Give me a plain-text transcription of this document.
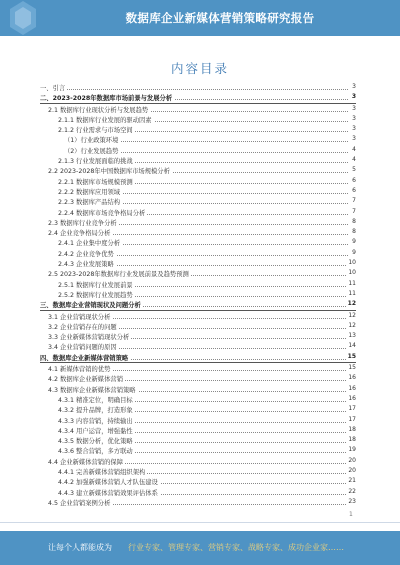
数据库企业新媒体营销策略研究报告
内容目录
一、引言	3
二、2023-2028年数据库市场前景与发展分析	3
2.1 数据库行业现状分析与发展趋势	3
2.1.1 数据库行业发展的驱动因素	3
2.1.2 行业需求与市场空间	3
（1）行业政策环境	3
（2）行业发展趋势	4
2.1.3 行业发展面临的挑战	4
2.2 2023-2028年中国数据库市场规模分析	5
2.2.1 数据库市场规模预测	6
2.2.2 数据库应用领域	6
2.2.3 数据库产品结构	7
2.2.4 数据库市场竞争格局分析	7
2.3 数据库行业竞争分析	8
2.4 企业竞争格局分析	8
2.4.1 企业集中度分析	9
2.4.2 企业竞争优势	9
2.4.3 企业发展策略	10
2.5 2023-2028年数据库行业发展前景及趋势预测	10
2.5.1 数据库行业发展前景	11
2.5.2 数据库行业发展趋势	11
三、数据库企业营销现状及问题分析	12
3.1 企业营销现状分析	12
3.2 企业营销存在的问题	12
3.3 企业新媒体营销现状分析	13
3.4 企业营销问题的原因	14
四、数据库企业新媒体营销策略	15
4.1 新媒体营销的优势	15
4.2 数据库企业新媒体营销	16
4.3 数据库企业新媒体营销策略	16
4.3.1 精准定位，明确目标	16
4.3.2 提升品牌，打造形象	17
4.3.3 内容营销，持续输出	17
4.3.4 用户运营，增强黏性	18
4.3.5 数据分析，优化策略	18
4.3.6 整合营销，多方联动	19
4.4 企业新媒体营销的保障	20
4.4.1 完善新媒体营销组织架构	20
4.4.2 加强新媒体营销人才队伍建设	21
4.4.3 建立新媒体营销效果评估体系	22
4.5 企业营销案例分析	23
1
让每个人都能成为 行业专家、管理专家、营销专家、战略专家、成功企业家……
